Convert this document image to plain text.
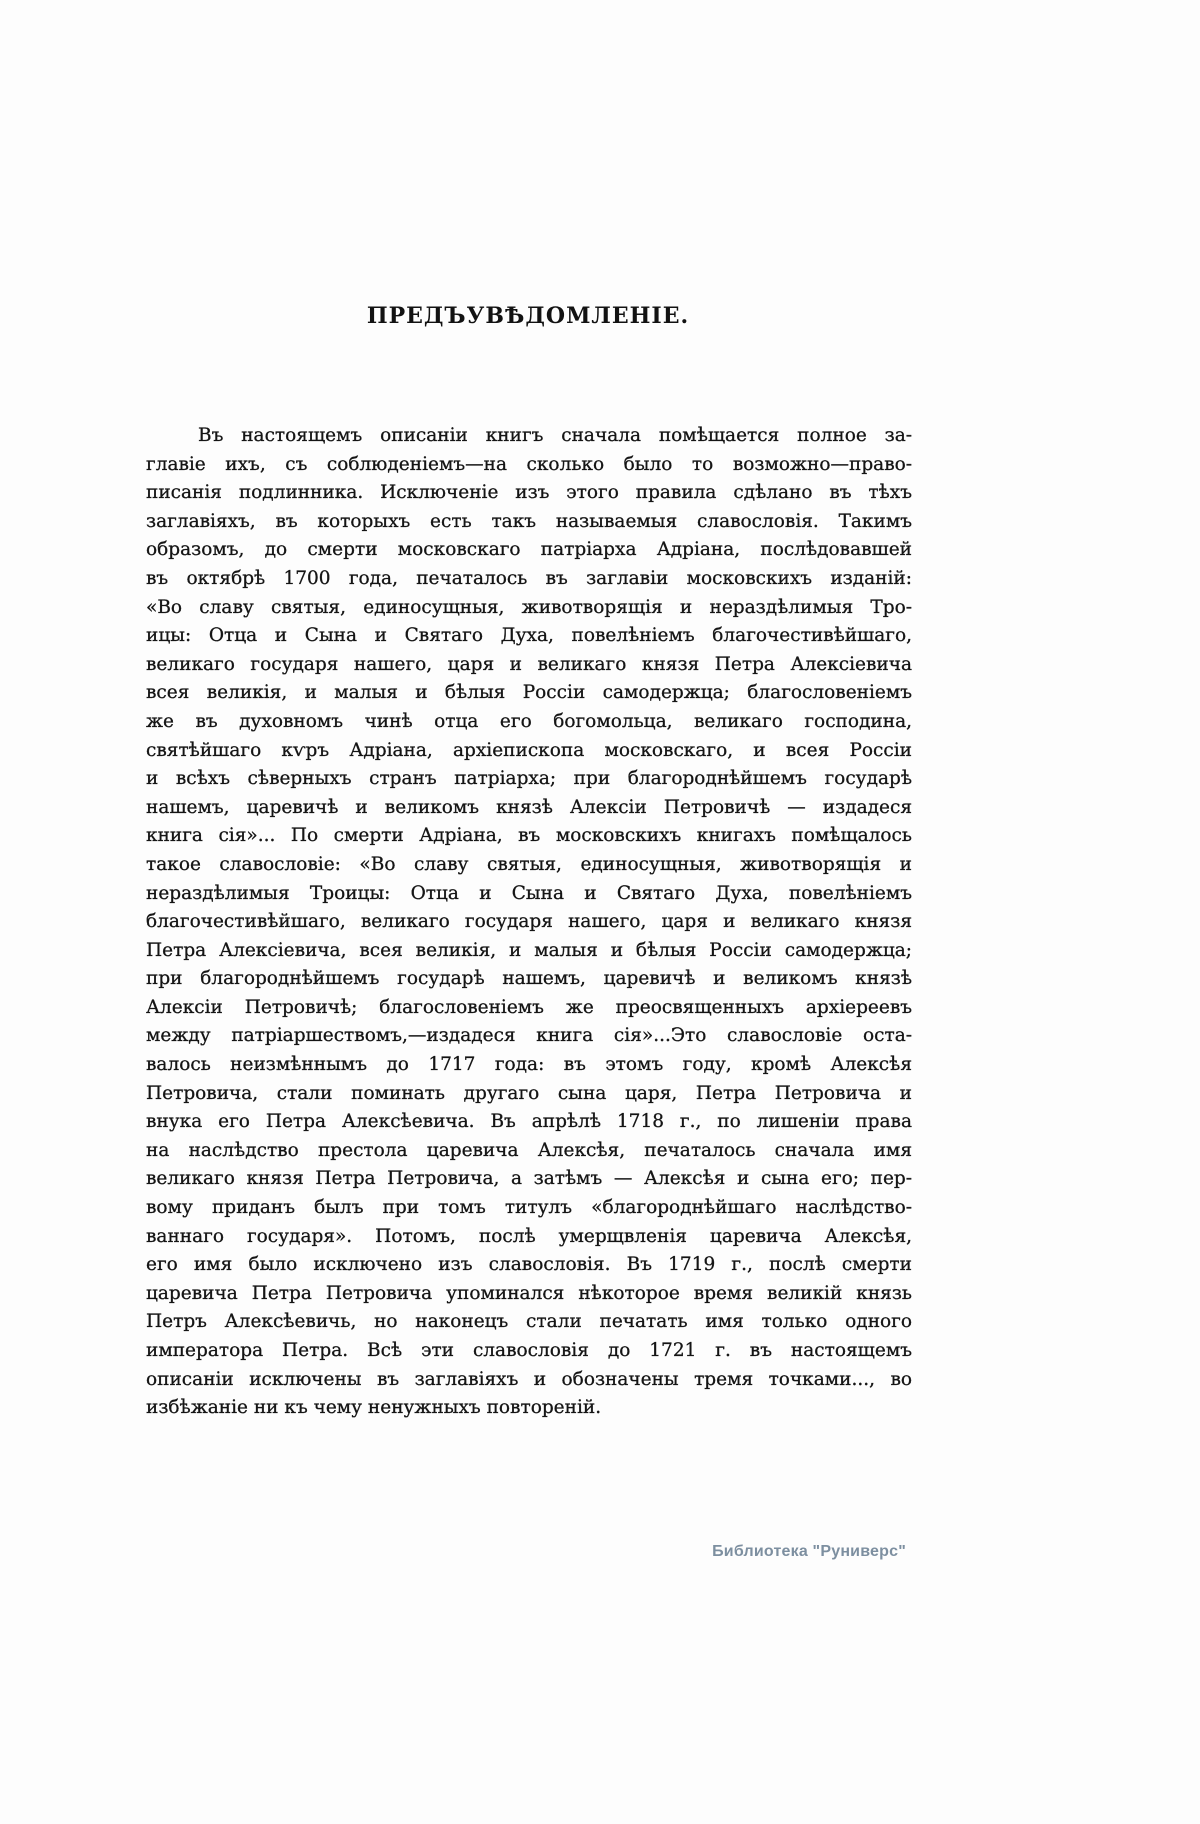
ПРЕДЪУВѢДОМЛЕНІЕ.
Въ настоящемъ описаніи книгъ сначала помѣщается полное за-
главіе ихъ, съ соблюденіемъ—на сколько было то возможно—право-
писанія подлинника. Исключеніе изъ этого правила сдѣлано въ тѣхъ
заглавіяхъ, въ которыхъ есть такъ называемыя славословія. Такимъ
образомъ, до смерти московскаго патріарха Адріана, послѣдовавшей
въ октябрѣ 1700 года, печаталось въ заглавіи московскихъ изданій:
«Во славу святыя, единосущныя, животворящія и нераздѣлимыя Тро-
ицы: Отца и Сына и Святаго Духа, повелѣніемъ благочестивѣйшаго,
великаго государя нашего, царя и великаго князя Петра Алексіевича
всея великія, и малыя и бѣлыя Россіи самодержца; благословеніемъ
же въ духовномъ чинѣ отца его богомольца, великаго господина,
святѣйшаго кѵръ Адріана, архіепископа московскаго, и всея Россіи
и всѣхъ сѣверныхъ странъ патріарха; при благороднѣйшемъ государѣ
нашемъ, царевичѣ и великомъ князѣ Алексіи Петровичѣ — издадеся
книга сія»... По смерти Адріана, въ московскихъ книгахъ помѣщалось
такое славословіе: «Во славу святыя, единосущныя, животворящія и
нераздѣлимыя Троицы: Отца и Сына и Святаго Духа, повелѣніемъ
благочестивѣйшаго, великаго государя нашего, царя и великаго князя
Петра Алексіевича, всея великія, и малыя и бѣлыя Россіи самодержца;
при благороднѣйшемъ государѣ нашемъ, царевичѣ и великомъ князѣ
Алексіи Петровичѣ; благословеніемъ же преосвященныхъ архіереевъ
между патріаршествомъ,—издадеся книга сія»...Это славословіе оста-
валось неизмѣннымъ до 1717 года: въ этомъ году, кромѣ Алексѣя
Петровича, стали поминать другаго сына царя, Петра Петровича и
внука его Петра Алексѣевича. Въ апрѣлѣ 1718 г., по лишеніи права
на наслѣдство престола царевича Алексѣя, печаталось сначала имя
великаго князя Петра Петровича, а затѣмъ — Алексѣя и сына его; пер-
вому приданъ былъ при томъ титулъ «благороднѣйшаго наслѣдство-
ваннаго государя». Потомъ, послѣ умерщвленія царевича Алексѣя,
его имя было исключено изъ славословія. Въ 1719 г., послѣ смерти
царевича Петра Петровича упоминался нѣкоторое время великій князь
Петръ Алексѣевичь, но наконецъ стали печатать имя только одного
императора Петра. Всѣ эти славословія до 1721 г. въ настоящемъ
описаніи исключены въ заглавіяхъ и обозначены тремя точками..., во
избѣжаніе ни къ чему ненужныхъ повтореній.
Библиотека "Руниверс"
